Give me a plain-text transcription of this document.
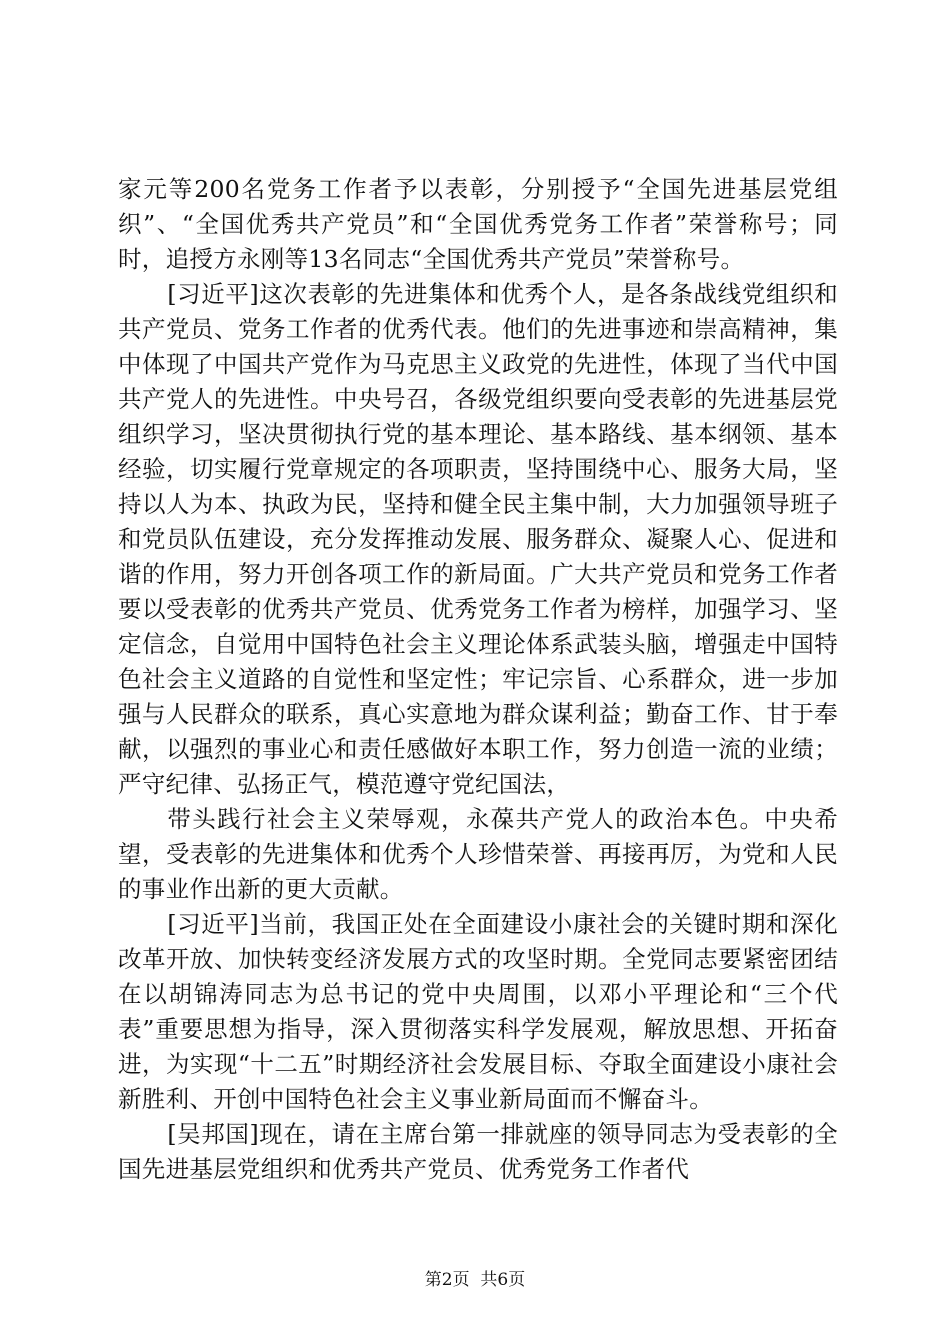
家元等200名党务工作者予以表彰，分别授予“全国先进基层党组织”、“全国优秀共产党员”和“全国优秀党务工作者”荣誉称号；同时，追授方永刚等13名同志“全国优秀共产党员”荣誉称号。

[习近平]这次表彰的先进集体和优秀个人，是各条战线党组织和共产党员、党务工作者的优秀代表。他们的先进事迹和崇高精神，集中体现了中国共产党作为马克思主义政党的先进性，体现了当代中国共产党人的先进性。中央号召，各级党组织要向受表彰的先进基层党组织学习，坚决贯彻执行党的基本理论、基本路线、基本纲领、基本经验，切实履行党章规定的各项职责，坚持围绕中心、服务大局，坚持以人为本、执政为民，坚持和健全民主集中制，大力加强领导班子和党员队伍建设，充分发挥推动发展、服务群众、凝聚人心、促进和谐的作用，努力开创各项工作的新局面。广大共产党员和党务工作者要以受表彰的优秀共产党员、优秀党务工作者为榜样，加强学习、坚定信念，自觉用中国特色社会主义理论体系武装头脑，增强走中国特色社会主义道路的自觉性和坚定性；牢记宗旨、心系群众，进一步加强与人民群众的联系，真心实意地为群众谋利益；勤奋工作、甘于奉献，以强烈的事业心和责任感做好本职工作，努力创造一流的业绩；严守纪律、弘扬正气，模范遵守党纪国法，

带头践行社会主义荣辱观，永葆共产党人的政治本色。中央希望，受表彰的先进集体和优秀个人珍惜荣誉、再接再厉，为党和人民的事业作出新的更大贡献。

[习近平]当前，我国正处在全面建设小康社会的关键时期和深化改革开放、加快转变经济发展方式的攻坚时期。全党同志要紧密团结在以胡锦涛同志为总书记的党中央周围，以邓小平理论和“三个代表”重要思想为指导，深入贯彻落实科学发展观，解放思想、开拓奋进，为实现“十二五”时期经济社会发展目标、夺取全面建设小康社会新胜利、开创中国特色社会主义事业新局面而不懈奋斗。

[吴邦国]现在，请在主席台第一排就座的领导同志为受表彰的全国先进基层党组织和优秀共产党员、优秀党务工作者代

第2页 共6页
